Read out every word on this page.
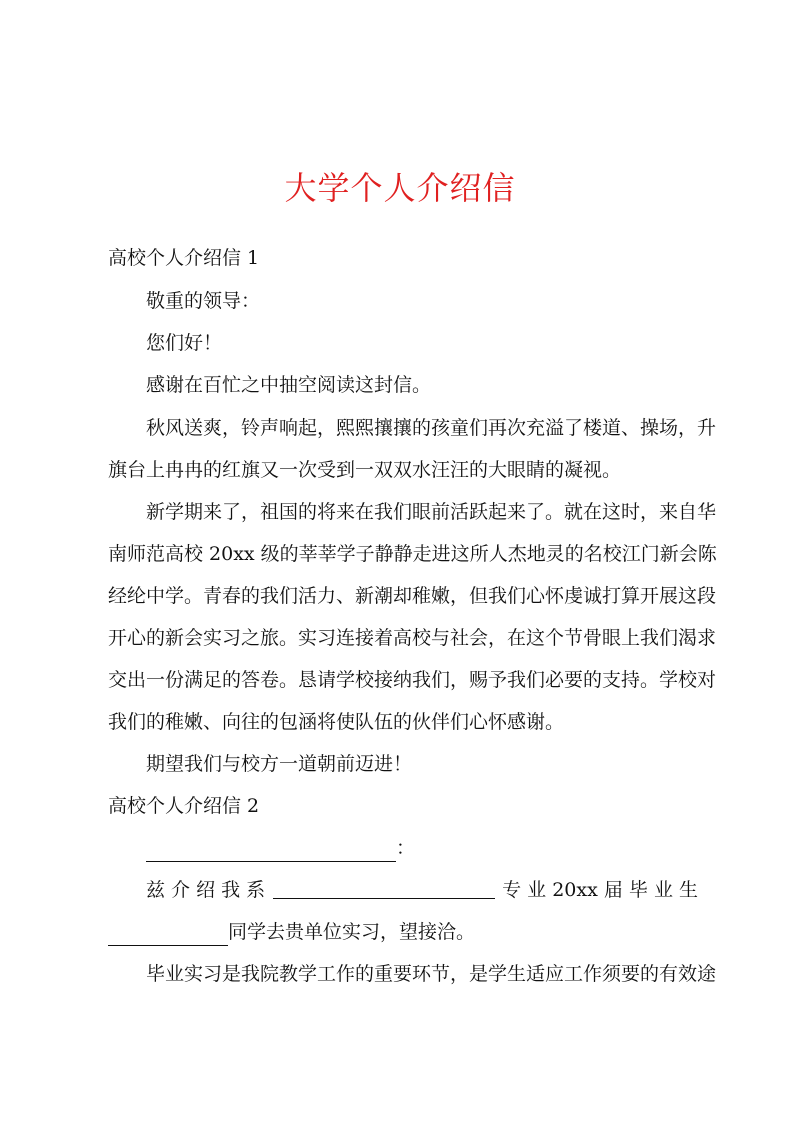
大学个人介绍信
高校个人介绍信 1
敬重的领导：
您们好！
感谢在百忙之中抽空阅读这封信。
秋风送爽，铃声响起，熙熙攘攘的孩童们再次充溢了楼道、操场，升
旗台上冉冉的红旗又一次受到一双双水汪汪的大眼睛的凝视。
新学期来了，祖国的将来在我们眼前活跃起来了。就在这时，来自华
南师范高校 20xx 级的莘莘学子静静走进这所人杰地灵的名校江门新会陈
经纶中学。青春的我们活力、新潮却稚嫩，但我们心怀虔诚打算开展这段
开心的新会实习之旅。实习连接着高校与社会，在这个节骨眼上我们渴求
交出一份满足的答卷。恳请学校接纳我们，赐予我们必要的支持。学校对
我们的稚嫩、向往的包涵将使队伍的伙伴们心怀感谢。
期望我们与校方一道朝前迈进！
高校个人介绍信 2
：
兹 介 绍 我 系	专 业 20xx 届 毕 业 生
同学去贵单位实习，望接洽。
毕业实习是我院教学工作的重要环节，是学生适应工作须要的有效途
